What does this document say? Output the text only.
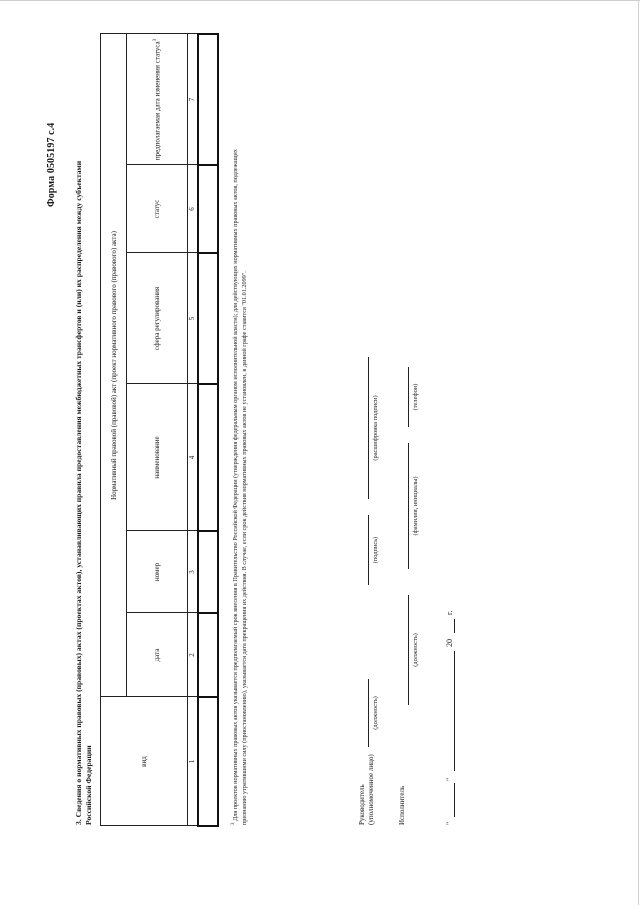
Форма 0505197 с.4 3. Сведения о нормативных правовых (правовых) актах (проектах актов), устанавливающих правила предоставления межбюджетных трансфертов и (или) их распределения между субъектами Российской Федерации	вид	Нормативный правовой (правовой) акт (проект нормативного правового (правового) акта)					
	дата	номер	наименование	сфера регулирования	статус	предполагаемая дата изменения статуса$^3$
1	2	3	4	5	6	7

$^3$ Для проектов нормативных правовых актов указывается предполагаемый срок внесения в Правительство Российской Федерации (утверждения федеральным органом исполнительной власти); для действующих нормативных правовых актов, подлежащих признанию утратившими силу (приостановлению), указывается дата прекращения их действия. В случае, если срок действия нормативных правовых актов не установлен, в данной графе ставится "01.01.2099".	Руководитель (уполномоченное лицо)
(должность)
(подпись)
(расшифровка подписи)
Исполнитель
(должность)
(фамилия, инициалы)
(телефон)
"
"
20
г.
